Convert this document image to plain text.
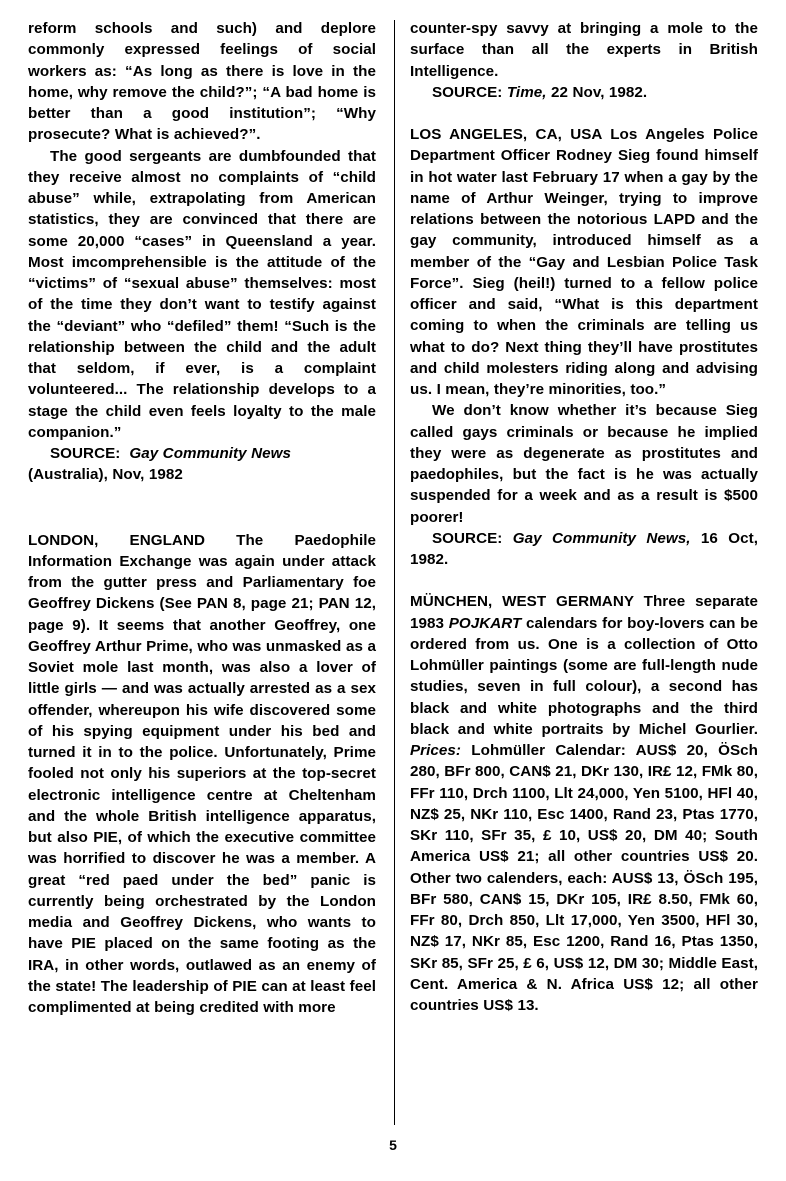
reform schools and such) and deplore commonly expressed feelings of social workers as: “As long as there is love in the home, why remove the child?”; “A bad home is better than a good institution”; “Why prosecute? What is achieved?”.

The good sergeants are dumbfounded that they receive almost no complaints of “child abuse” while, extrapolating from American statistics, they are convinced that there are some 20,000 “cases” in Queensland a year. Most imcomprehensible is the attitude of the “victims” of “sexual abuse” themselves: most of the time they don’t want to testify against the “deviant” who “defiled” them! “Such is the relationship between the child and the adult that seldom, if ever, is a complaint volunteered... The relationship develops to a stage the child even feels loyalty to the male companion.”

SOURCE: Gay Community News
(Australia), Nov, 1982

LONDON, ENGLAND The Paedophile Information Exchange was again under attack from the gutter press and Parliamentary foe Geoffrey Dickens (See PAN 8, page 21; PAN 12, page 9). It seems that another Geoffrey, one Geoffrey Arthur Prime, who was unmasked as a Soviet mole last month, was also a lover of little girls — and was actually arrested as a sex offender, whereupon his wife discovered some of his spying equipment under his bed and turned it in to the police. Unfortunately, Prime fooled not only his superiors at the top-secret electronic intelligence centre at Cheltenham and the whole British intelligence apparatus, but also PIE, of which the executive committee was horrified to discover he was a member. A great “red paed under the bed” panic is currently being orchestrated by the London media and Geoffrey Dickens, who wants to have PIE placed on the same footing as the IRA, in other words, outlawed as an enemy of the state! The leadership of PIE can at least feel complimented at being credited with more

counter-spy savvy at bringing a mole to the surface than all the experts in British Intelligence.

SOURCE: Time, 22 Nov, 1982.

LOS ANGELES, CA, USA Los Angeles Police Department Officer Rodney Sieg found himself in hot water last February 17 when a gay by the name of Arthur Weinger, trying to improve relations between the notorious LAPD and the gay community, introduced himself as a member of the “Gay and Lesbian Police Task Force”. Sieg (heil!) turned to a fellow police officer and said, “What is this department coming to when the criminals are telling us what to do? Next thing they’ll have prostitutes and child molesters riding along and advising us. I mean, they’re minorities, too.”

We don’t know whether it’s because Sieg called gays criminals or because he implied they were as degenerate as prostitutes and paedophiles, but the fact is he was actually suspended for a week and as a result is $500 poorer!

SOURCE: Gay Community News, 16 Oct, 1982.

MÜNCHEN, WEST GERMANY Three separate 1983 POJKART calendars for boy-lovers can be ordered from us. One is a collection of Otto Lohmüller paintings (some are full-length nude studies, seven in full colour), a second has black and white photographs and the third black and white portraits by Michel Gourlier. Prices: Lohmüller Calendar: AUS$ 20, ÖSch 280, BFr 800, CAN$ 21, DKr 130, IR£ 12, FMk 80, FFr 110, Drch 1100, Llt 24,000, Yen 5100, HFl 40, NZ$ 25, NKr 110, Esc 1400, Rand 23, Ptas 1770, SKr 110, SFr 35, £ 10, US$ 20, DM 40; South America US$ 21; all other countries US$ 20. Other two calenders, each: AUS$ 13, ÖSch 195, BFr 580, CAN$ 15, DKr 105, IR£ 8.50, FMk 60, FFr 80, Drch 850, Llt 17,000, Yen 3500, HFl 30, NZ$ 17, NKr 85, Esc 1200, Rand 16, Ptas 1350, SKr 85, SFr 25, £ 6, US$ 12, DM 30; Middle East, Cent. America & N. Africa US$ 12; all other countries US$ 13.

5
